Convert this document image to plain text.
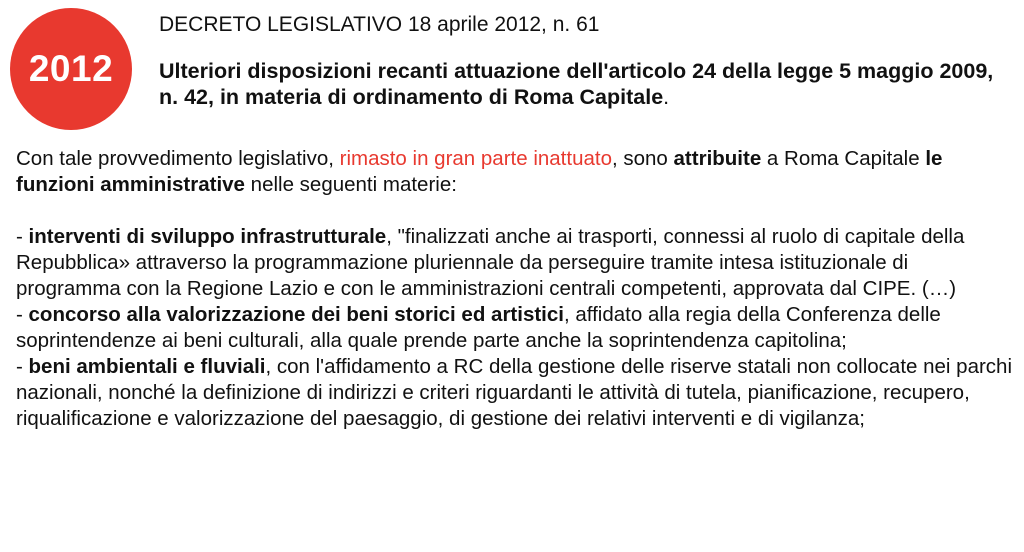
2012
DECRETO LEGISLATIVO 18 aprile 2012, n. 61
Ulteriori disposizioni recanti attuazione dell'articolo 24 della legge 5 maggio 2009, n. 42, in materia di ordinamento di Roma Capitale.

Con tale provvedimento legislativo, rimasto in gran parte inattuato, sono attribuite a Roma Capitale le funzioni amministrative nelle seguenti materie:

- interventi di sviluppo infrastrutturale, "finalizzati anche ai trasporti, connessi al ruolo di capitale della Repubblica» attraverso la programmazione pluriennale da perseguire tramite intesa istituzionale di programma con la Regione Lazio e con le amministrazioni centrali competenti, approvata dal CIPE. (…)

- concorso alla valorizzazione dei beni storici ed artistici, affidato alla regia della Conferenza delle soprintendenze ai beni culturali, alla quale prende parte anche la soprintendenza capitolina;

- beni ambientali e fluviali, con l'affidamento a RC della gestione delle riserve statali non collocate nei parchi nazionali, nonché la definizione di indirizzi e criteri riguardanti le attività di tutela, pianificazione, recupero, riqualificazione e valorizzazione del paesaggio, di gestione dei relativi interventi e di vigilanza;
